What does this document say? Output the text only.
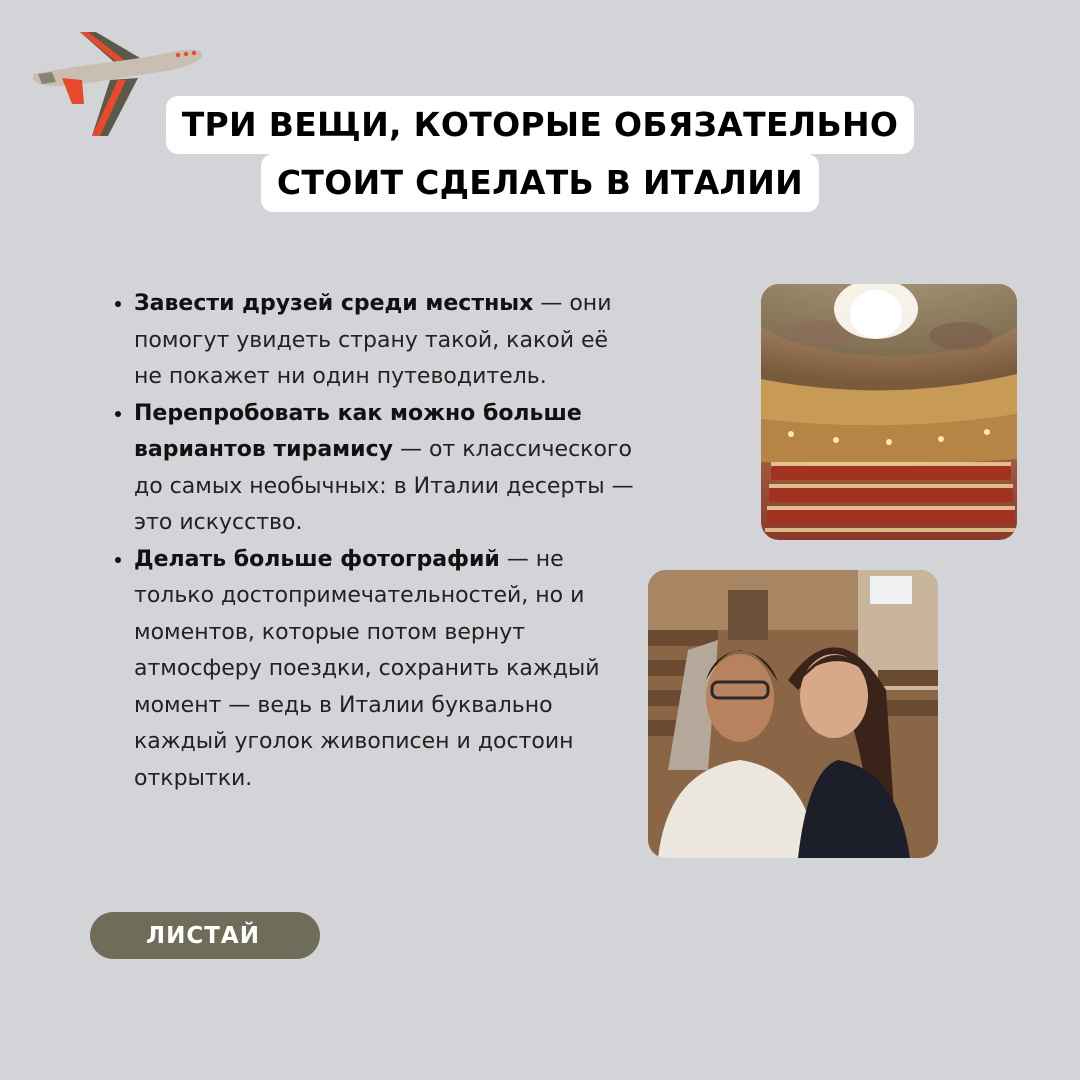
ТРИ ВЕЩИ, КОТОРЫЕ ОБЯЗАТЕЛЬНО
СТОИТ СДЕЛАТЬ В ИТАЛИИ
• Завести друзей среди местных — они помогут увидеть страну такой, какой её не покажет ни один путеводитель.
• Перепробовать как можно больше вариантов тирамису — от классического до самых необычных: в Италии десерты — это искусство.
• Делать больше фотографий — не только достопримечательностей, но и моментов, которые потом вернут атмосферу поездки, сохранить каждый момент — ведь в Италии буквально каждый уголок живописен и достоин открытки.
ЛИСТАЙ
